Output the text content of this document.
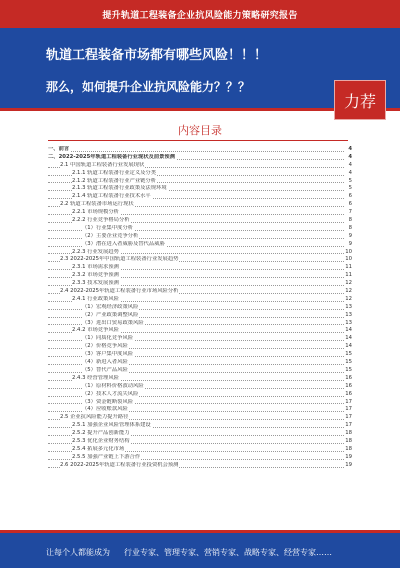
提升轨道工程装备企业抗风险能力策略研究报告
轨道工程装备市场都有哪些风险！！！
那么，如何提升企业抗风险能力？？？
力荐
内容目录
一、前言	4
二、2022-2025年轨道工程装备行业现状及前景预测	4
2.1 中国轨道工程装备行业发展现状	4
2.1.1 轨道工程装备行业定义及分类	4
2.1.2 轨道工程装备行业产业链分析	5
2.1.3 轨道工程装备行业政策及法规环境	5
2.1.4 轨道工程装备行业技术水平	6
2.2 轨道工程装备市场运行现状	6
2.2.1 市场规模分析	7
2.2.2 行业竞争格局分析	8
（1）行业集中度分析	8
（2）主要企业竞争分析	9
（3）潜在进入者威胁及替代品威胁	9
2.2.3 行业发展趋势	10
2.3 2022-2025年中国轨道工程装备行业发展趋势	10
2.3.1 市场需求预测	11
2.3.2 市场竞争预测	11
2.3.3 技术发展预测	12
2.4 2022-2025年轨道工程装备行业市场风险分析	12
2.4.1 行业政策风险	12
（1）宏观经济政策风险	13
（2）产业政策调整风险	13
（3）进出口贸易政策风险	13
2.4.2 市场竞争风险	14
（1）同质化竞争风险	14
（2）价格竞争风险	14
（3）客户集中度风险	15
（4）新进入者风险	15
（5）替代产品风险	15
2.4.3 经营管理风险	16
（1）原材料价格波动风险	16
（2）技术人才流失风险	16
（3）资金链断裂风险	17
（4）应收账款风险	17
2.5 企业抗风险能力提升路径	17
2.5.1 加强企业风险管理体系建设	17
2.5.2 提升产品创新能力	18
2.5.3 优化企业财务结构	18
2.5.4 拓展多元化市场	18
2.5.5 加强产业链上下游合作	19
2.6 2022-2025年轨道工程装备行业投资机会预测	19
让每个人都能成为 行业专家、管理专家、营销专家、战略专家、经营专家……
